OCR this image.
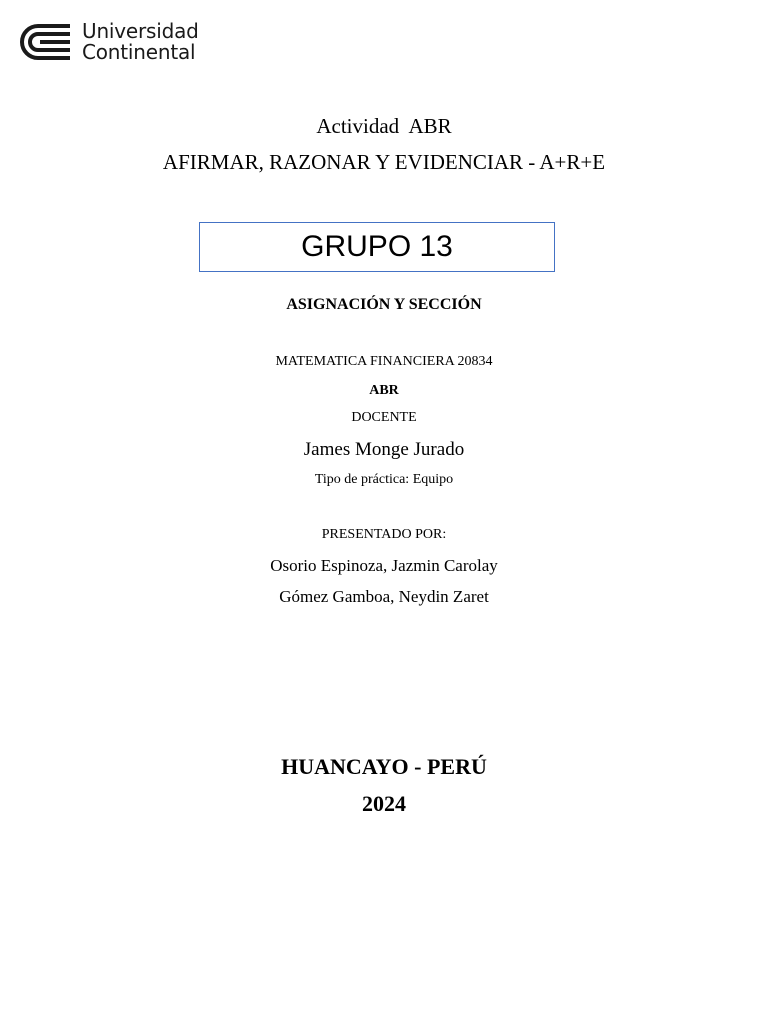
Universidad
Continental
Actividad  ABR
AFIRMAR, RAZONAR Y EVIDENCIAR - A+R+E
GRUPO 13
ASIGNACIÓN Y SECCIÓN
MATEMATICA FINANCIERA 20834
ABR
DOCENTE
James Monge Jurado
Tipo de práctica: Equipo
PRESENTADO POR:
Osorio Espinoza, Jazmin Carolay
Gómez Gamboa, Neydin Zaret
HUANCAYO - PERÚ
2024
